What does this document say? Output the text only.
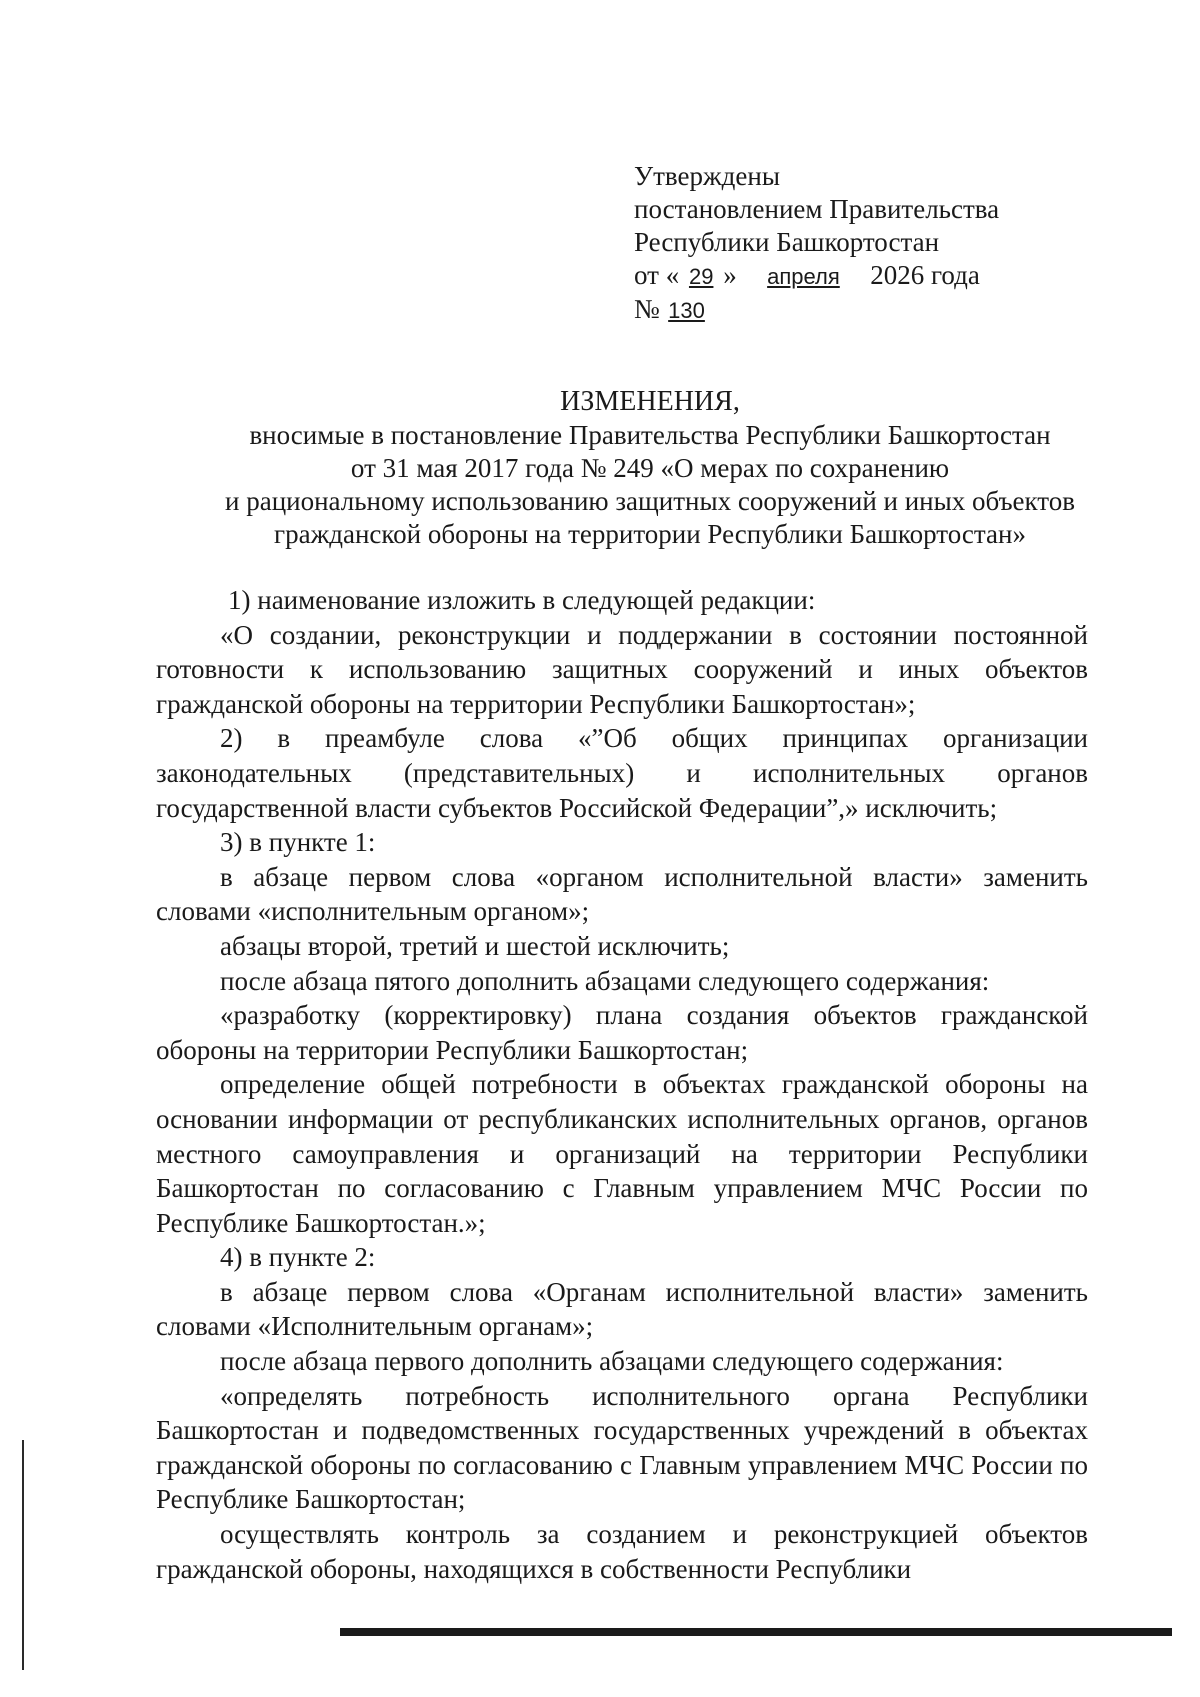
Утверждены
постановлением Правительства
Республики Башкортостан
от « 29 » апреля 2026 года
№ 130
ИЗМЕНЕНИЯ,
вносимые в постановление Правительства Республики Башкортостан
от 31 мая 2017 года № 249 «О мерах по сохранению
и рациональному использованию защитных сооружений и иных объектов
гражданской обороны на территории Республики Башкортостан»

1) наименование изложить в следующей редакции:

«О создании, реконструкции и поддержании в состоянии постоянной готовности к использованию защитных сооружений и иных объектов гражданской обороны на территории Республики Башкортостан»;

2) в преамбуле слова «”Об общих принципах организации законодательных (представительных) и исполнительных органов государственной власти субъектов Российской Федерации”,» исключить;

3) в пункте 1:

в абзаце первом слова «органом исполнительной власти» заменить словами «исполнительным органом»;

абзацы второй, третий и шестой исключить;

после абзаца пятого дополнить абзацами следующего содержания:

«разработку (корректировку) плана создания объектов гражданской обороны на территории Республики Башкортостан;

определение общей потребности в объектах гражданской обороны на основании информации от республиканских исполнительных органов, органов местного самоуправления и организаций на территории Республики Башкортостан по согласованию с Главным управлением МЧС России по Республике Башкортостан.»;

4) в пункте 2:

в абзаце первом слова «Органам исполнительной власти» заменить словами «Исполнительным органам»;

после абзаца первого дополнить абзацами следующего содержания:

«определять потребность исполнительного органа Республики Башкортостан и подведомственных государственных учреждений в объектах гражданской обороны по согласованию с Главным управлением МЧС России по Республике Башкортостан;

осуществлять контроль за созданием и реконструкцией объектов гражданской обороны, находящихся в собственности Республики
